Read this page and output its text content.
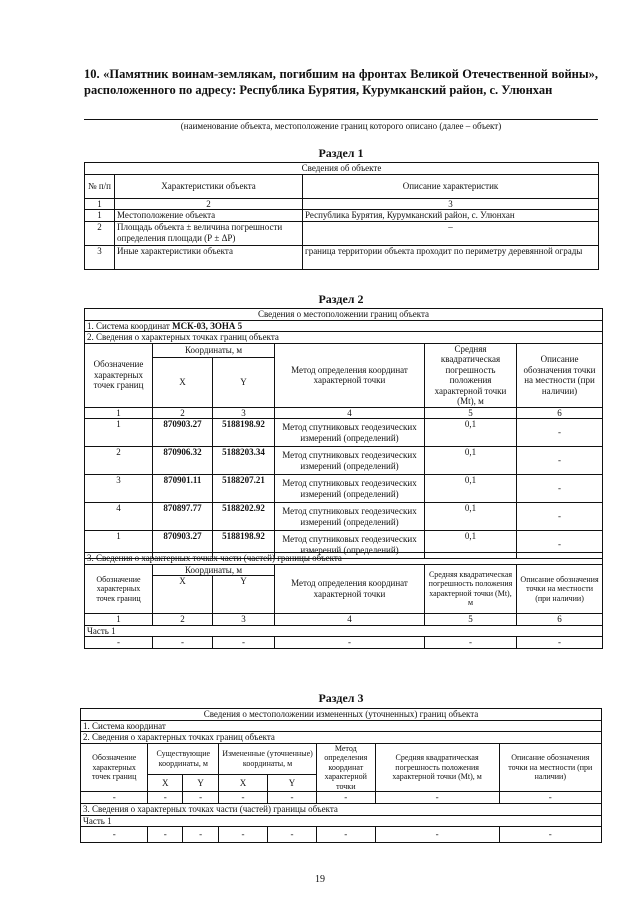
10. «Памятник воинам-землякам, погибшим на фронтах Великой Отечественной войны», расположенного по адресу: Республика Бурятия, Курумканский район, с. Улюнхан
(наименование объекта, местоположение границ которого описано (далее – объект)
Раздел 1
Сведения об объекте		
№ п/п	Характеристики объекта	Описание характеристик
1	2	3
1	Местоположение объекта	Республика Бурятия, Курумканский район, с. Улюнхан
2	Площадь объекта ± величина погрешности определения площади (Р ± ΔР)	–
3	Иные характеристики объекта	граница территории объекта проходит по периметру деревянной ограды
Раздел 2
Сведения о местоположении границ объекта					
1. Система координат МСК-03, ЗОНА 5					
2. Сведения о характерных точках границ объекта					
Обозначение характерных точек границ	Координаты, м		Метод определения координат характерной точки	Средняя квадратическая погрешность положения характерной точки (Mt), м	Описание обозначения точки на местности (при наличии)
	X	Y			
1	2	3	4	5	6
1	870903.27	5188198.92	Метод спутниковых геодезических измерений (определений)	0,1	-
2	870906.32	5188203.34	Метод спутниковых геодезических измерений (определений)	0,1	-
3	870901.11	5188207.21	Метод спутниковых геодезических измерений (определений)	0,1	-
4	870897.77	5188202.92	Метод спутниковых геодезических измерений (определений)	0,1	-
1	870903.27	5188198.92	Метод спутниковых геодезических измерений (определений)	0,1	-
3. Сведения о характерных точках части (частей) границы объекта					
Обозначение характерных точек границ	Координаты, м		Метод определения координат характерной точки	Средняя квадратическая погрешность положения характерной точки (Mt), м	Описание обозначения точки на местности (при наличии)
	X	Y			
1	2	3	4	5	6
Часть 1					
-	-	-	-	-	-
Раздел 3
Сведения о местоположении измененных (уточненных) границ объекта							
1. Система координат							
2. Сведения о характерных точках границ объекта							
Обозначение характерных точек границ	Существующие координаты, м		Измененные (уточненные) координаты, м		Метод определения координат характерной точки	Средняя квадратическая погрешность положения характерной точки (Mt), м	Описание обозначения точки на местности (при наличии)
	X	Y	X	Y			
-	-	-	-	-	-	-	-
3. Сведения о характерных точках части (частей) границы объекта							
Часть 1							
-	-	-	-	-	-	-	-
19
